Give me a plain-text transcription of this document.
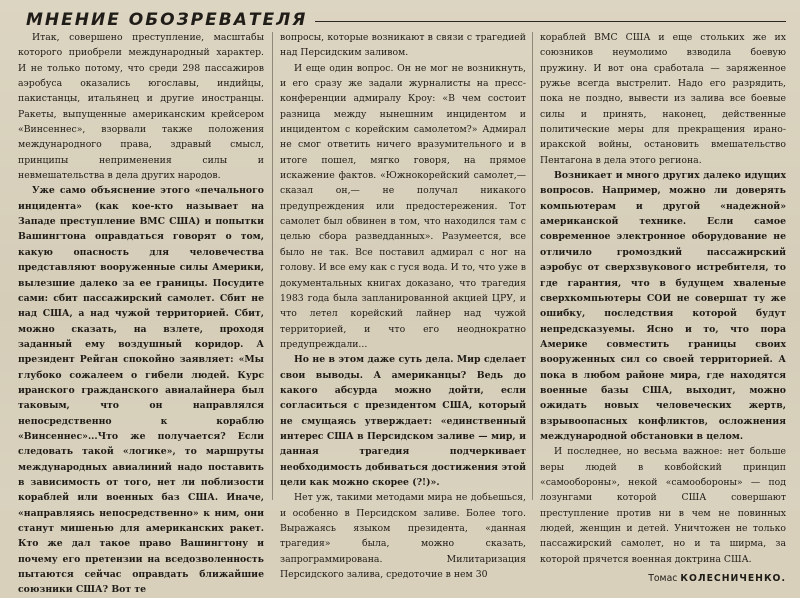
МНЕНИЕ ОБОЗРЕВАТЕЛЯ

Итак, совершено преступление, масштабы которого приобрели международный характер. И не только потому, что среди 298 пассажиров аэробуса оказались югославы, индийцы, пакистанцы, итальянец и другие иностранцы. Ракеты, выпущенные американским крейсером «Винсеннес», взорвали также положения международного права, здравый смысл, принципы неприменения силы и невмешательства в дела других народов.

Уже само объяснение этого «печального инцидента» (как кое-кто называет на Западе преступление ВМС США) и попытки Вашингтона оправдаться говорят о том, какую опасность для человечества представляют вооруженные силы Америки, вылезшие далеко за ее границы. Посудите сами: сбит пассажирский самолет. Сбит не над США, а над чужой территорией. Сбит, можно сказать, на взлете, проходя заданный ему воздушный коридор. А президент Рейган спокойно заявляет: «Мы глубоко сожалеем о гибели людей. Курс иранского гражданского авиалайнера был таковым, что он направлялся непосредственно к кораблю «Винсеннес»...Что же получается? Если следовать такой «логике», то маршруты международных авиалиний надо поставить в зависимость от того, нет ли поблизости кораблей или военных баз США. Иначе, «направляясь непосредственно» к ним, они станут мишенью для американских ракет. Кто же дал такое право Вашингтону и почему его претензии на вседозволенность пытаются сейчас оправдать ближайшие союзники США? Вот те

вопросы, которые возникают в связи с трагедией над Персидским заливом.

И еще один вопрос. Он не мог не возникнуть, и его сразу же задали журналисты на пресс-конференции адмиралу Кроу: «В чем состоит разница между нынешним инцидентом и инцидентом с корейским самолетом?» Адмирал не смог ответить ничего вразумительного и в итоге пошел, мягко говоря, на прямое искажение фактов. «Южнокорейский самолет,— сказал он,— не получал никакого предупреждения или предостережения. Тот самолет был обвинен в том, что находился там с целью сбора разведданных». Разумеется, все было не так. Все поставил адмирал с ног на голову. И все ему как с гуся вода. И то, что уже в документальных книгах доказано, что трагедия 1983 года была запланированной акцией ЦРУ, и что летел корейский лайнер над чужой территорией, и что его неоднократно предупреждали...

Но не в этом даже суть дела. Мир сделает свои выводы. А американцы? Ведь до какого абсурда можно дойти, если согласиться с президентом США, который не смущаясь утверждает: «единственный интерес США в Персидском заливе — мир, и данная трагедия подчеркивает необходимость добиваться достижения этой цели как можно скорее (?!)».

Нет уж, такими методами мира не добьешься, и особенно в Персидском заливе. Более того. Выражаясь языком президента, «данная трагедия» была, можно сказать, запрограммирована. Милитаризация Персидского залива, средоточие в нем 30

кораблей ВМС США и еще стольких же их союзников неумолимо взводила боевую пружину. И вот она сработала — заряженное ружье всегда выстрелит. Надо его разрядить, пока не поздно, вывести из залива все боевые силы и принять, наконец, действенные политические меры для прекращения ирано-иракской войны, остановить вмешательство Пентагона в дела этого региона.

Возникает и много других далеко идущих вопросов. Например, можно ли доверять компьютерам и другой «надежной» американской технике. Если самое современное электронное оборудование не отличило громоздкий пассажирский аэробус от сверхзвукового истребителя, то где гарантия, что в будущем хваленые сверхкомпьютеры СОИ не совершат ту же ошибку, последствия которой будут непредсказуемы. Ясно и то, что пора Америке совместить границы своих вооруженных сил со своей территорией. А пока в любом районе мира, где находятся военные базы США, выходит, можно ожидать новых человеческих жертв, взрывоопасных конфликтов, осложнения международной обстановки в целом.

И последнее, но весьма важное: нет больше веры людей в ковбойский принцип «самообороны», некой «самообороны» — под лозунгами которой США совершают преступление против ни в чем не повинных людей, женщин и детей. Уничтожен не только пассажирский самолет, но и та ширма, за которой прячется военная доктрина США.

Томас КОЛЕСНИЧЕНКО.
